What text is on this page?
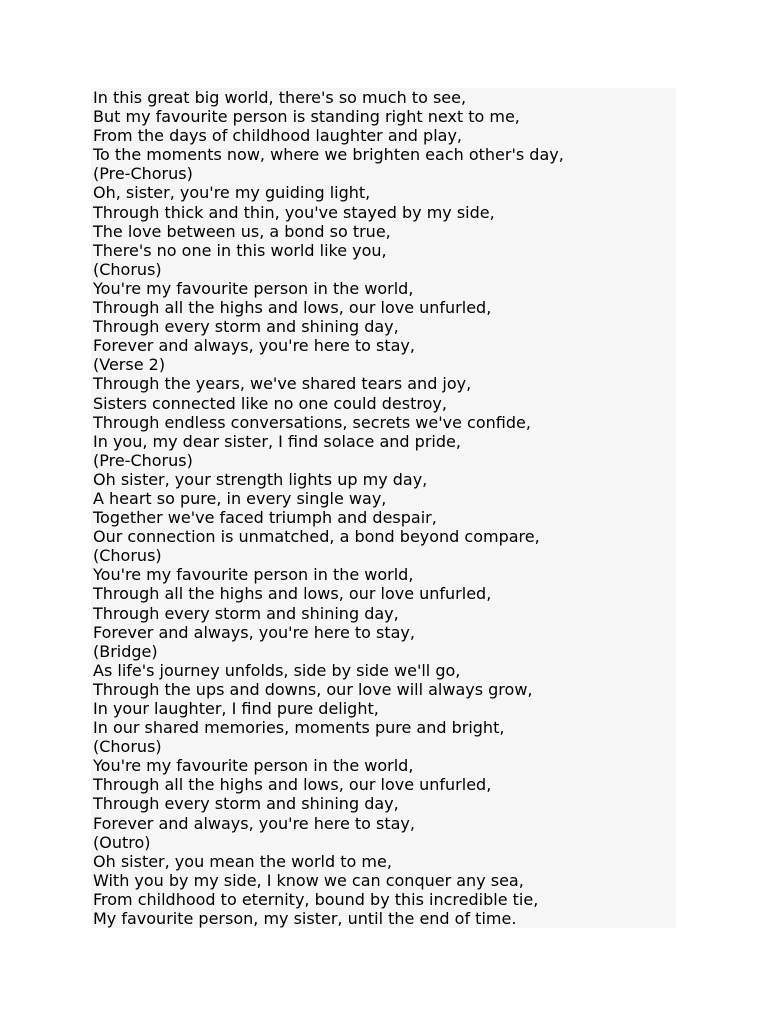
In this great big world, there's so much to see,

But my favourite person is standing right next to me,

From the days of childhood laughter and play,

To the moments now, where we brighten each other's day,

(Pre-Chorus)

Oh, sister, you're my guiding light,

Through thick and thin, you've stayed by my side,

The love between us, a bond so true,

There's no one in this world like you,

(Chorus)

You're my favourite person in the world,

Through all the highs and lows, our love unfurled,

Through every storm and shining day,

Forever and always, you're here to stay,

(Verse 2)

Through the years, we've shared tears and joy,

Sisters connected like no one could destroy,

Through endless conversations, secrets we've confide,

In you, my dear sister, I find solace and pride,

(Pre-Chorus)

Oh sister, your strength lights up my day,

A heart so pure, in every single way,

Together we've faced triumph and despair,

Our connection is unmatched, a bond beyond compare,

(Chorus)

You're my favourite person in the world,

Through all the highs and lows, our love unfurled,

Through every storm and shining day,

Forever and always, you're here to stay,

(Bridge)

As life's journey unfolds, side by side we'll go,

Through the ups and downs, our love will always grow,

In your laughter, I find pure delight,

In our shared memories, moments pure and bright,

(Chorus)

You're my favourite person in the world,

Through all the highs and lows, our love unfurled,

Through every storm and shining day,

Forever and always, you're here to stay,

(Outro)

Oh sister, you mean the world to me,

With you by my side, I know we can conquer any sea,

From childhood to eternity, bound by this incredible tie,

My favourite person, my sister, until the end of time.
